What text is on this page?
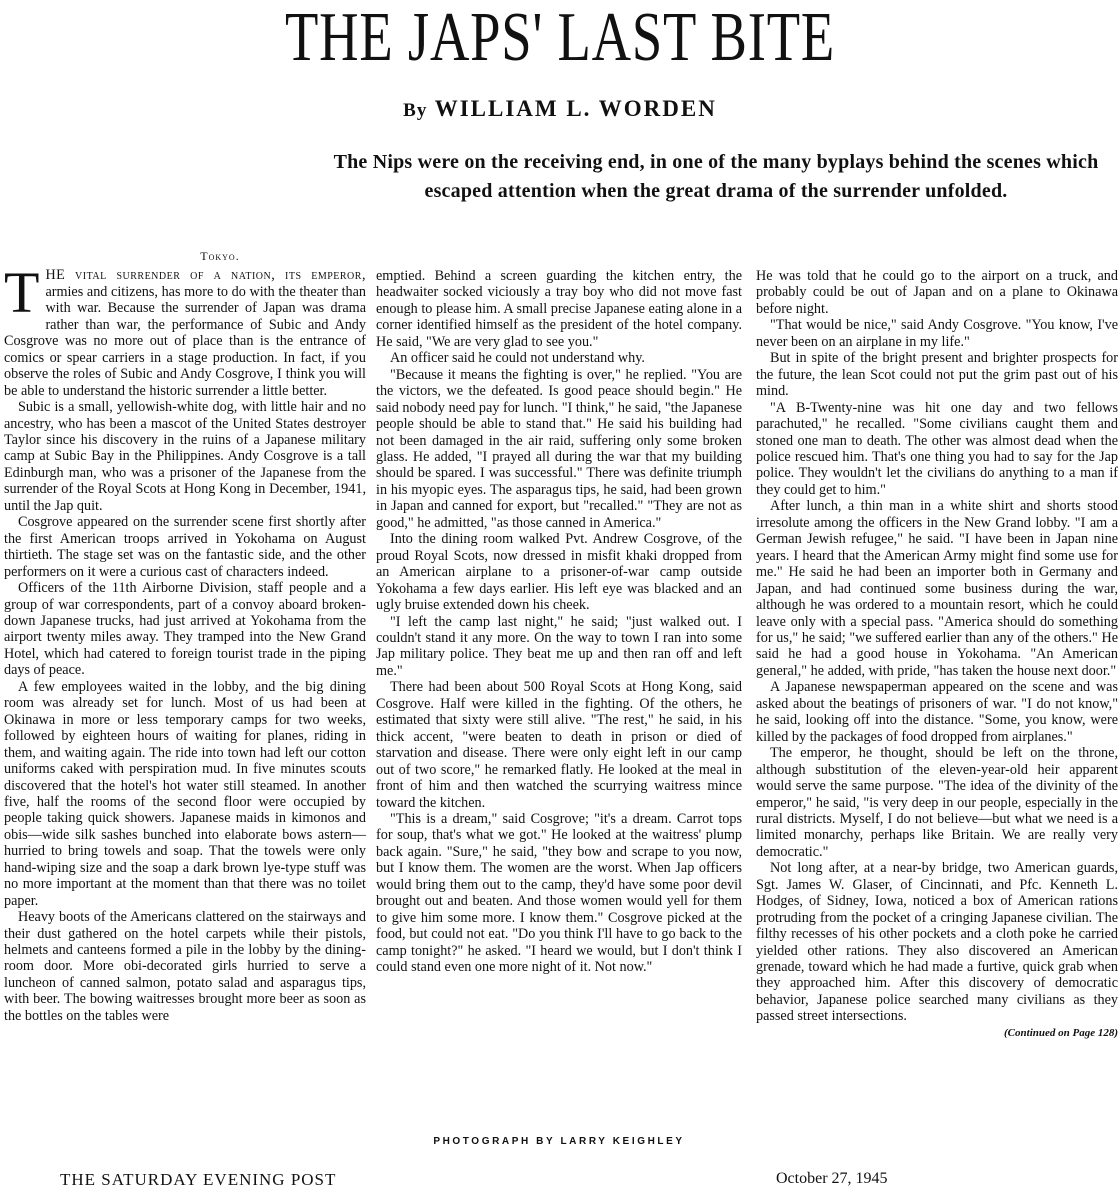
THE JAPS' LAST BITE
By WILLIAM L. WORDEN
The Nips were on the receiving end, in one of the many byplays behind the scenes which escaped attention when the great drama of the surrender unfolded.
Tokyo.

THE vital surrender of a nation, its emperor, armies and citizens, has more to do with the theater than with war. Because the surrender of Japan was drama rather than war, the performance of Subic and Andy Cosgrove was no more out of place than is the entrance of comics or spear carriers in a stage production. In fact, if you observe the roles of Subic and Andy Cosgrove, I think you will be able to understand the historic surrender a little better.

Subic is a small, yellowish-white dog, with little hair and no ancestry, who has been a mascot of the United States destroyer Taylor since his discovery in the ruins of a Japanese military camp at Subic Bay in the Philippines. Andy Cosgrove is a tall Edinburgh man, who was a prisoner of the Japanese from the surrender of the Royal Scots at Hong Kong in December, 1941, until the Jap quit.

Cosgrove appeared on the surrender scene first shortly after the first American troops arrived in Yokohama on August thirtieth. The stage set was on the fantastic side, and the other performers on it were a curious cast of characters indeed.

Officers of the 11th Airborne Division, staff people and a group of war correspondents, part of a convoy aboard broken-down Japanese trucks, had just arrived at Yokohama from the airport twenty miles away. They tramped into the New Grand Hotel, which had catered to foreign tourist trade in the piping days of peace.

A few employees waited in the lobby, and the big dining room was already set for lunch. Most of us had been at Okinawa in more or less temporary camps for two weeks, followed by eighteen hours of waiting for planes, riding in them, and waiting again. The ride into town had left our cotton uniforms caked with perspiration mud. In five minutes scouts discovered that the hotel's hot water still steamed. In another five, half the rooms of the second floor were occupied by people taking quick showers. Japanese maids in kimonos and obis—wide silk sashes bunched into elaborate bows astern—hurried to bring towels and soap. That the towels were only hand-wiping size and the soap a dark brown lye-type stuff was no more important at the moment than that there was no toilet paper.

Heavy boots of the Americans clattered on the stairways and their dust gathered on the hotel carpets while their pistols, helmets and canteens formed a pile in the lobby by the dining-room door. More obi-decorated girls hurried to serve a luncheon of canned salmon, potato salad and asparagus tips, with beer. The bowing waitresses brought more beer as soon as the bottles on the tables were

emptied. Behind a screen guarding the kitchen entry, the headwaiter socked viciously a tray boy who did not move fast enough to please him. A small precise Japanese eating alone in a corner identified himself as the president of the hotel company. He said, "We are very glad to see you."

An officer said he could not understand why.

"Because it means the fighting is over," he replied. "You are the victors, we the defeated. Is good peace should begin." He said nobody need pay for lunch. "I think," he said, "the Japanese people should be able to stand that." He said his building had not been damaged in the air raid, suffering only some broken glass. He added, "I prayed all during the war that my building should be spared. I was successful." There was definite triumph in his myopic eyes. The asparagus tips, he said, had been grown in Japan and canned for export, but "recalled." "They are not as good," he admitted, "as those canned in America."

Into the dining room walked Pvt. Andrew Cosgrove, of the proud Royal Scots, now dressed in misfit khaki dropped from an American airplane to a prisoner-of-war camp outside Yokohama a few days earlier. His left eye was blacked and an ugly bruise extended down his cheek.

"I left the camp last night," he said; "just walked out. I couldn't stand it any more. On the way to town I ran into some Jap military police. They beat me up and then ran off and left me."

There had been about 500 Royal Scots at Hong Kong, said Cosgrove. Half were killed in the fighting. Of the others, he estimated that sixty were still alive. "The rest," he said, in his thick accent, "were beaten to death in prison or died of starvation and disease. There were only eight left in our camp out of two score," he remarked flatly. He looked at the meal in front of him and then watched the scurrying waitress mince toward the kitchen.

"This is a dream," said Cosgrove; "it's a dream. Carrot tops for soup, that's what we got." He looked at the waitress' plump back again. "Sure," he said, "they bow and scrape to you now, but I know them. The women are the worst. When Jap officers would bring them out to the camp, they'd have some poor devil brought out and beaten. And those women would yell for them to give him some more. I know them." Cosgrove picked at the food, but could not eat. "Do you think I'll have to go back to the camp tonight?" he asked. "I heard we would, but I don't think I could stand even one more night of it. Not now."

He was told that he could go to the airport on a truck, and probably could be out of Japan and on a plane to Okinawa before night.

"That would be nice," said Andy Cosgrove. "You know, I've never been on an airplane in my life."

But in spite of the bright present and brighter prospects for the future, the lean Scot could not put the grim past out of his mind.

"A B-Twenty-nine was hit one day and two fellows parachuted," he recalled. "Some civilians caught them and stoned one man to death. The other was almost dead when the police rescued him. That's one thing you had to say for the Jap police. They wouldn't let the civilians do anything to a man if they could get to him."

After lunch, a thin man in a white shirt and shorts stood irresolute among the officers in the New Grand lobby. "I am a German Jewish refugee," he said. "I have been in Japan nine years. I heard that the American Army might find some use for me." He said he had been an importer both in Germany and Japan, and had continued some business during the war, although he was ordered to a mountain resort, which he could leave only with a special pass. "America should do something for us," he said; "we suffered earlier than any of the others." He said he had a good house in Yokohama. "An American general," he added, with pride, "has taken the house next door."

A Japanese newspaperman appeared on the scene and was asked about the beatings of prisoners of war. "I do not know," he said, looking off into the distance. "Some, you know, were killed by the packages of food dropped from airplanes."

The emperor, he thought, should be left on the throne, although substitution of the eleven-year-old heir apparent would serve the same purpose. "The idea of the divinity of the emperor," he said, "is very deep in our people, especially in the rural districts. Myself, I do not believe—but what we need is a limited monarchy, perhaps like Britain. We are really very democratic."

Not long after, at a near-by bridge, two American guards, Sgt. James W. Glaser, of Cincinnati, and Pfc. Kenneth L. Hodges, of Sidney, Iowa, noticed a box of American rations protruding from the pocket of a cringing Japanese civilian. The filthy recesses of his other pockets and a cloth poke he carried yielded other rations. They also discovered an American grenade, toward which he had made a furtive, quick grab when they approached him. After this discovery of democratic behavior, Japanese police searched many civilians as they passed street intersections.

(Continued on Page 128)
PHOTOGRAPH BY LARRY KEIGHLEY
THE SATURDAY EVENING POST	October 27, 1945
